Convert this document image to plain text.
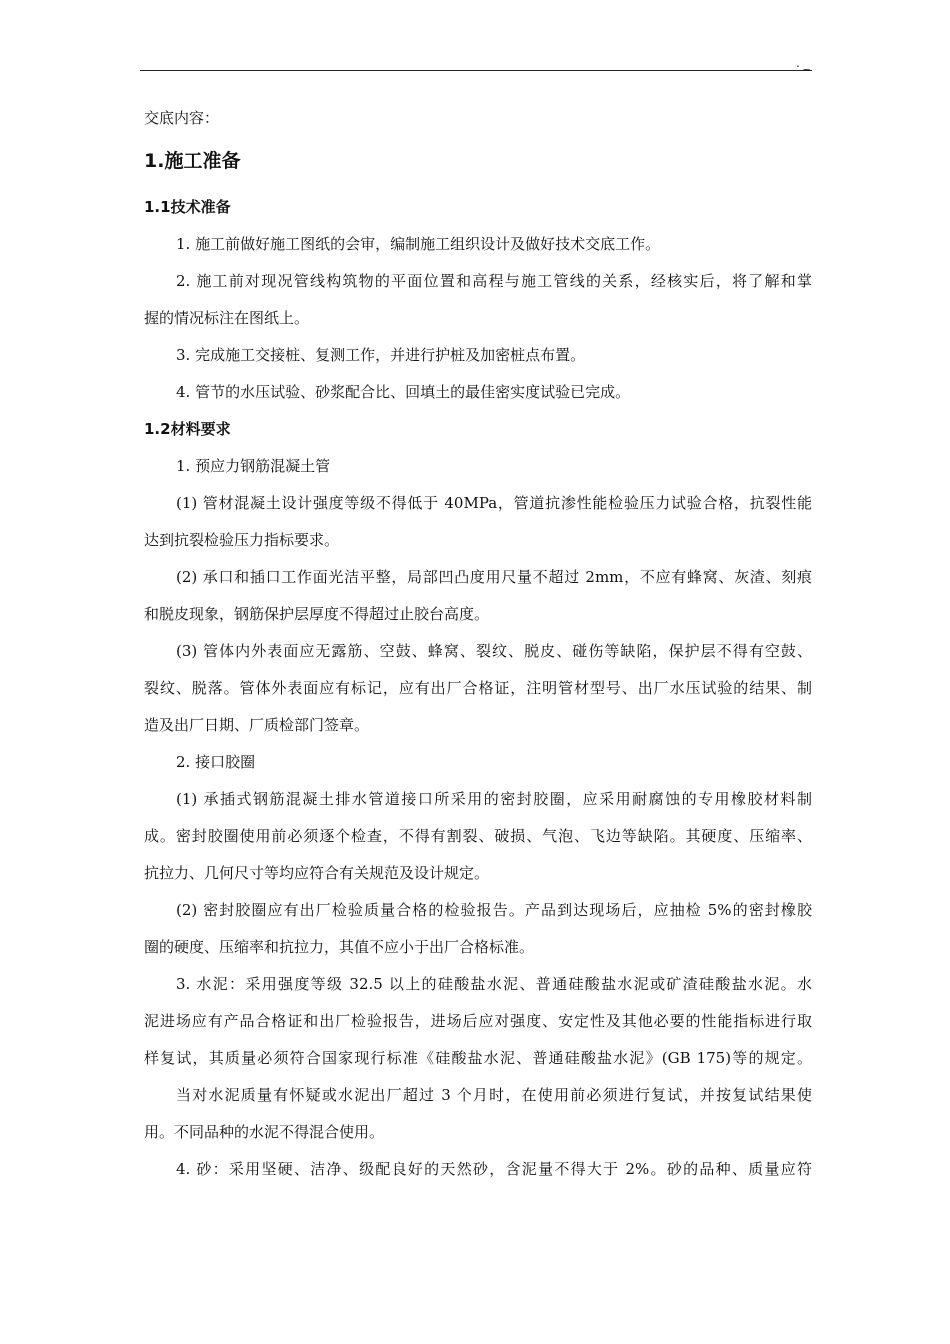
. _

交底内容：

1.施工准备
1.1技术准备

1. 施工前做好施工图纸的会审，编制施工组织设计及做好技术交底工作。

2. 施工前对现况管线构筑物的平面位置和高程与施工管线的关系，经核实后，将了解和掌

握的情况标注在图纸上。

3. 完成施工交接桩、复测工作，并进行护桩及加密桩点布置。

4. 管节的水压试验、砂浆配合比、回填土的最佳密实度试验已完成。

1.2材料要求

1. 预应力钢筋混凝土管

(1) 管材混凝土设计强度等级不得低于 40MPa，管道抗渗性能检验压力试验合格，抗裂性能

达到抗裂检验压力指标要求。

(2) 承口和插口工作面光洁平整，局部凹凸度用尺量不超过 2mm，不应有蜂窝、灰渣、刻痕

和脱皮现象，钢筋保护层厚度不得超过止胶台高度。

(3) 管体内外表面应无露筋、空鼓、蜂窝、裂纹、脱皮、碰伤等缺陷，保护层不得有空鼓、

裂纹、脱落。管体外表面应有标记，应有出厂合格证，注明管材型号、出厂水压试验的结果、制

造及出厂日期、厂质检部门签章。

2. 接口胶圈

(1) 承插式钢筋混凝土排水管道接口所采用的密封胶圈，应采用耐腐蚀的专用橡胶材料制

成。密封胶圈使用前必须逐个检查，不得有割裂、破损、气泡、飞边等缺陷。其硬度、压缩率、

抗拉力、几何尺寸等均应符合有关规范及设计规定。

(2) 密封胶圈应有出厂检验质量合格的检验报告。产品到达现场后，应抽检 5%的密封橡胶

圈的硬度、压缩率和抗拉力，其值不应小于出厂合格标准。

3. 水泥：采用强度等级 32.5 以上的硅酸盐水泥、普通硅酸盐水泥或矿渣硅酸盐水泥。水

泥进场应有产品合格证和出厂检验报告，进场后应对强度、安定性及其他必要的性能指标进行取

样复试，其质量必须符合国家现行标准《硅酸盐水泥、普通硅酸盐水泥》(GB 175)等的规定。

当对水泥质量有怀疑或水泥出厂超过 3 个月时，在使用前必须进行复试，并按复试结果使

用。不同品种的水泥不得混合使用。

4. 砂：采用坚硬、洁净、级配良好的天然砂，含泥量不得大于 2%。砂的品种、质量应符
